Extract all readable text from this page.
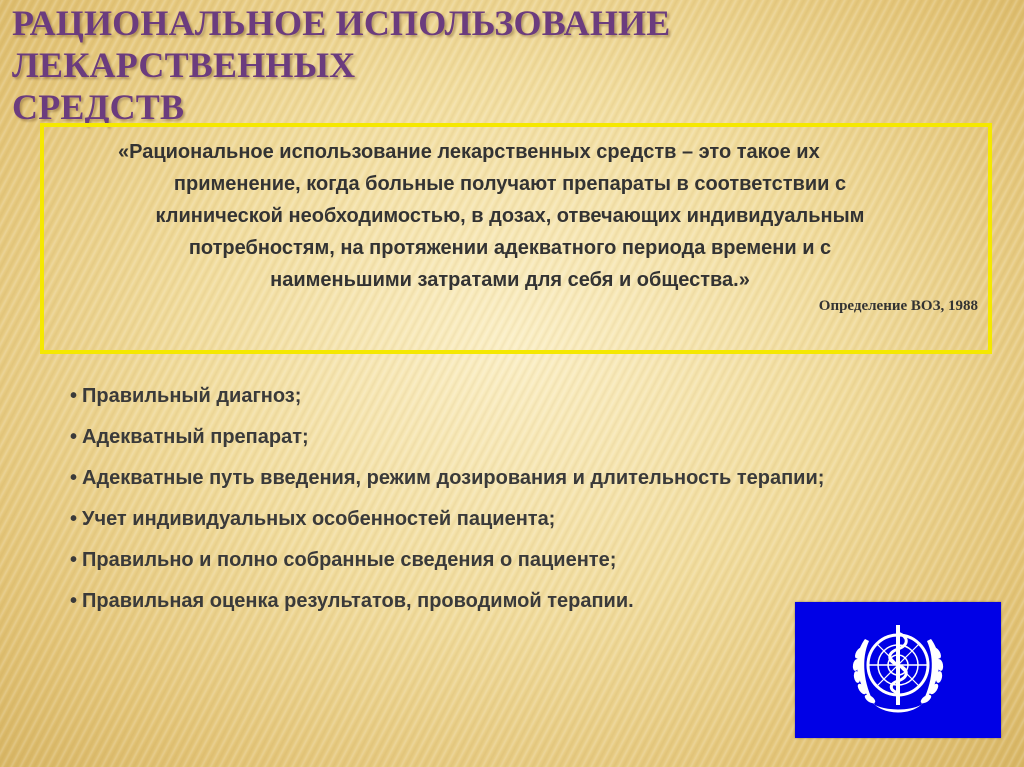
РАЦИОНАЛЬНОЕ ИСПОЛЬЗОВАНИЕ ЛЕКАРСТВЕННЫХ
СРЕДСТВ
«Рациональное использование лекарственных средств – это такое их
применение, когда больные получают препараты в соответствии с
клинической необходимостью, в дозах, отвечающих индивидуальным
потребностям, на протяжении адекватного периода времени и с
наименьшими затратами для себя и общества.»
Определение ВОЗ, 1988
• Правильный диагноз;
• Адекватный препарат;
• Адекватные путь введения, режим дозирования и длительность терапии;
• Учет индивидуальных особенностей пациента;
• Правильно и полно собранные сведения о пациенте;
• Правильная оценка результатов, проводимой терапии.
